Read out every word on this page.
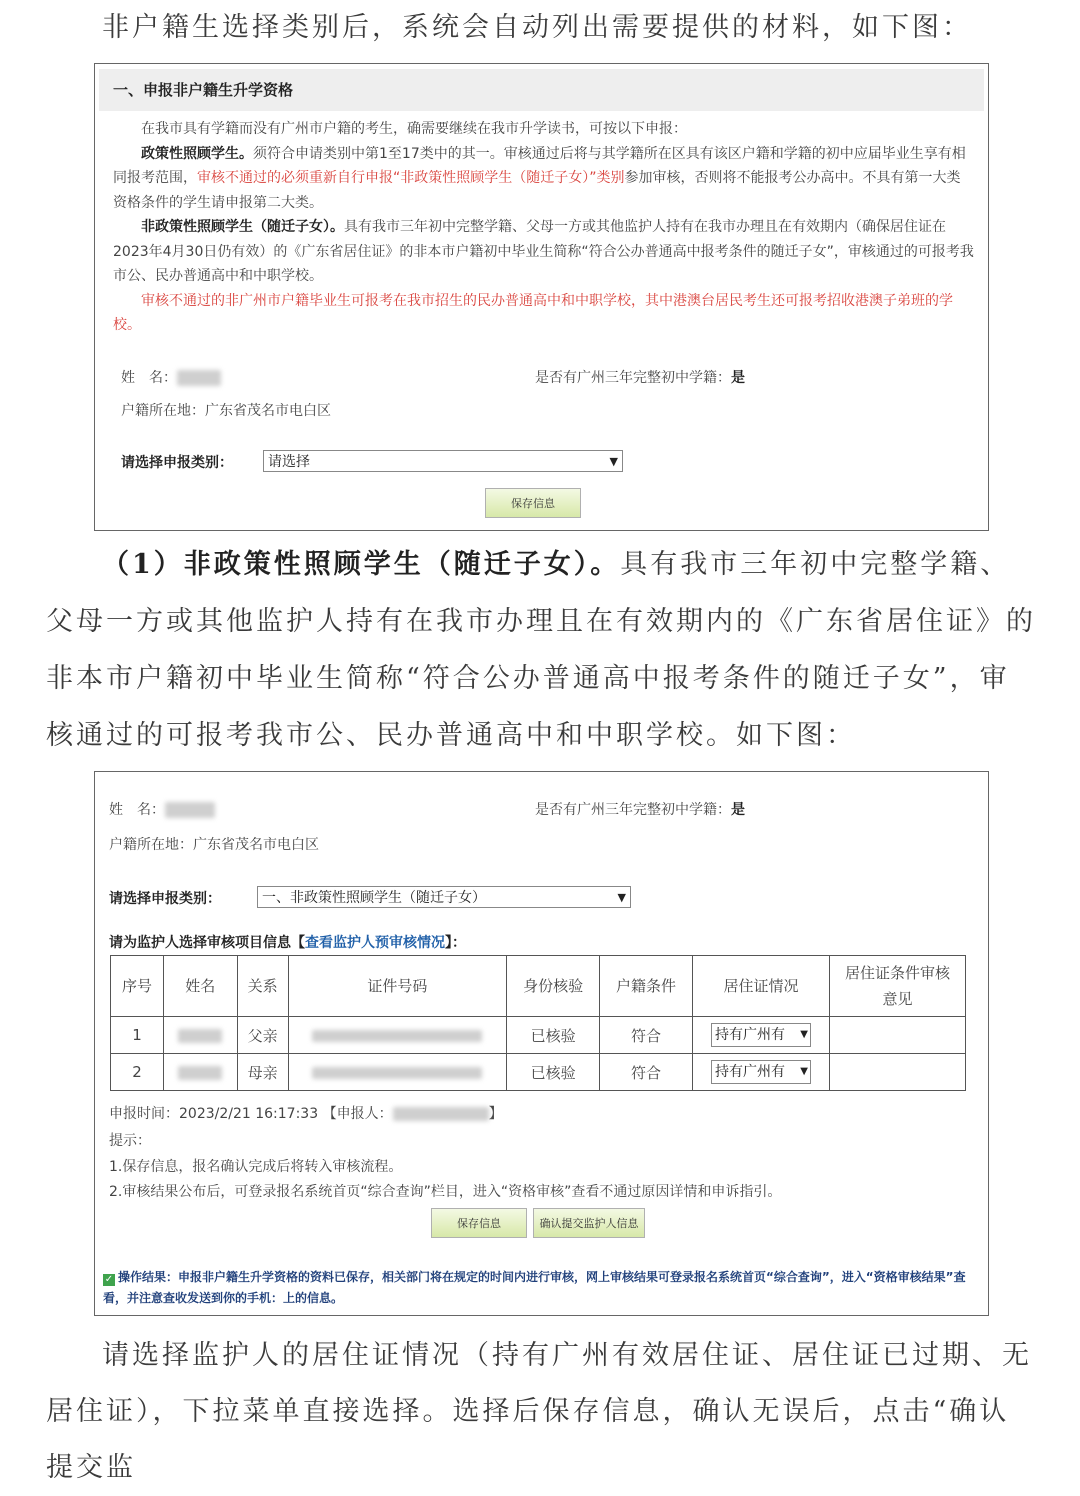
非户籍生选择类别后，系统会自动列出需要提供的材料，如下图：

一、申报非户籍生升学资格

在我市具有学籍而没有广州市户籍的考生，确需要继续在我市升学读书，可按以下申报：

政策性照顾学生。须符合申请类别中第1至17类中的其一。审核通过后将与其学籍所在区具有该区户籍和学籍的初中应届毕业生享有相同报考范围，审核不通过的必须重新自行申报“非政策性照顾学生（随迁子女）”类别参加审核，否则将不能报考公办高中。不具有第一大类资格条件的学生请申报第二大类。

非政策性照顾学生（随迁子女）。具有我市三年初中完整学籍、父母一方或其他监护人持有在我市办理且在有效期内（确保居住证在2023年4月30日仍有效）的《广东省居住证》的非本市户籍初中毕业生简称“符合公办普通高中报考条件的随迁子女”，审核通过的可报考我市公、民办普通高中和中职学校。

审核不通过的非广州市户籍毕业生可报考在我市招生的民办普通高中和中职学校，其中港澳台居民考生还可报考招收港澳子弟班的学校。

姓　名：	是否有广州三年完整初中学籍：是
户籍所在地：广东省茂名市电白区
请选择申报类别：	请选择	▼
保存信息

（1）非政策性照顾学生（随迁子女）。具有我市三年初中完整学籍、父母一方或其他监护人持有在我市办理且在有效期内的《广东省居住证》的非本市户籍初中毕业生简称“符合公办普通高中报考条件的随迁子女”，审核通过的可报考我市公、民办普通高中和中职学校。如下图：

姓　名：	是否有广州三年完整初中学籍：是
户籍所在地：广东省茂名市电白区
请选择申报类别：	一、非政策性照顾学生（随迁子女）	▼
请为监护人选择审核项目信息【查看监护人预审核情况】：
序号	姓名	关系	证件号码	身份核验	户籍条件	居住证情况	居住证条件审核意见
1		父亲		已核验	符合	持有广州有 ▼	

2		母亲		已核验	符合	持有广州有 ▼	

申报时间：2023/2/21 16:17:33 【申报人：	】
提示：
1.保存信息，报名确认完成后将转入审核流程。
2.审核结果公布后，可登录报名系统首页“综合查询”栏目，进入“资格审核”查看不通过原因详情和申诉指引。
保存信息	确认提交监护人信息
✓ 操作结果：申报非户籍生升学资格的资料已保存，相关部门将在规定的时间内进行审核，网上审核结果可登录报名系统首页“综合查询”，进入“资格审核结果”查看，并注意查收发送到你的手机：上的信息。

请选择监护人的居住证情况（持有广州有效居住证、居住证已过期、无居住证），下拉菜单直接选择。选择后保存信息，确认无误后，点击“确认提交监
